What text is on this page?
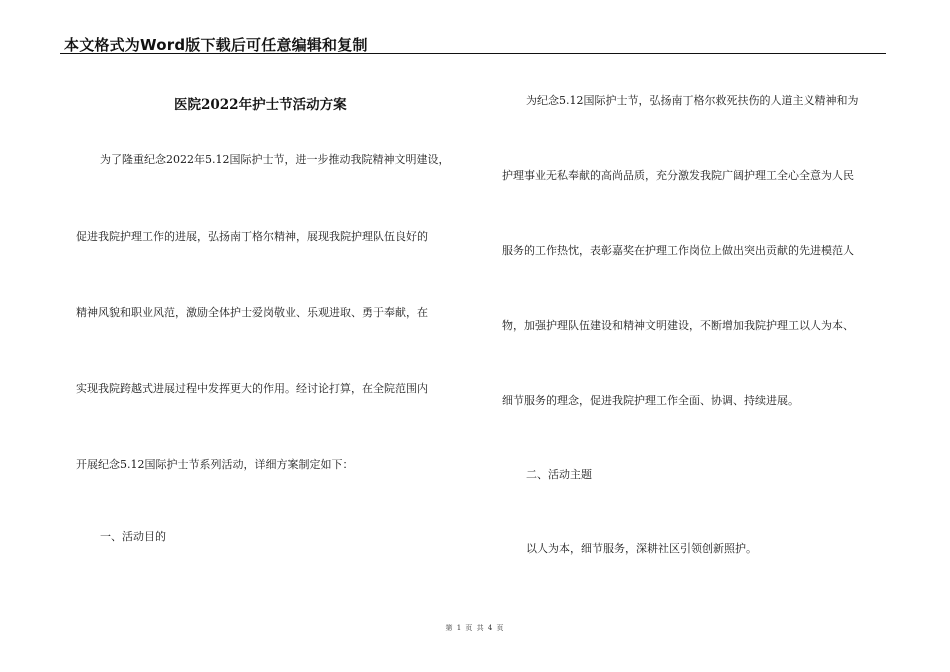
本文格式为Word版下载后可任意编辑和复制
医院2022年护士节活动方案
为了隆重纪念2022年5.12国际护士节，进一步推动我院精神文明建设，
促进我院护理工作的进展，弘扬南丁格尔精神，展现我院护理队伍良好的
精神风貌和职业风范，激励全体护士爱岗敬业、乐观进取、勇于奉献，在
实现我院跨越式进展过程中发挥更大的作用。经讨论打算，在全院范围内
开展纪念5.12国际护士节系列活动，详细方案制定如下：
一、活动目的
为纪念5.12国际护士节，弘扬南丁格尔救死扶伤的人道主义精神和为
护理事业无私奉献的高尚品质，充分激发我院广阔护理工全心全意为人民
服务的工作热忱，表彰嘉奖在护理工作岗位上做出突出贡献的先进模范人
物，加强护理队伍建设和精神文明建设，不断增加我院护理工以人为本、
细节服务的理念，促进我院护理工作全面、协调、持续进展。
二、活动主题
以人为本，细节服务，深耕社区引领创新照护。
第 1 页 共 4 页
